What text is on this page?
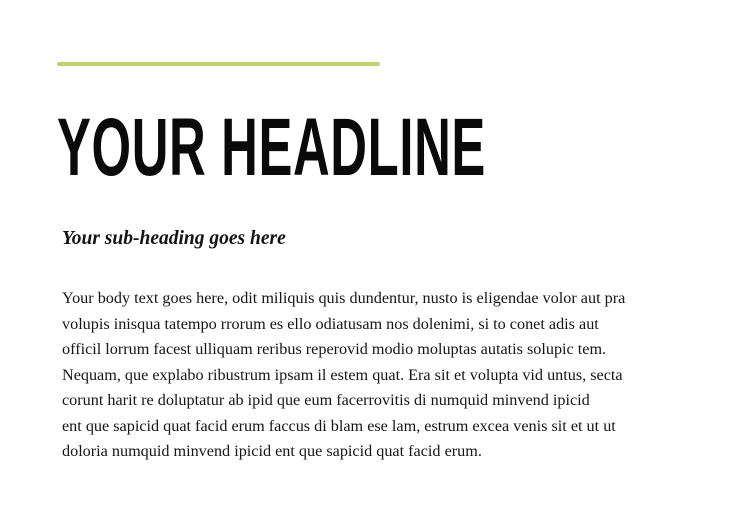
YOUR HEADLINE
Your sub-heading goes here

Your body text goes here, odit miliquis quis dundentur, nusto is eligendae volor aut pra
volupis inisqua tatempo rrorum es ello odiatusam nos dolenimi, si to conet adis aut
officil lorrum facest ulliquam reribus reperovid modio moluptas autatis solupic tem.
Nequam, que explabo ribustrum ipsam il estem quat. Era sit et volupta vid untus, secta
corunt harit re doluptatur ab ipid que eum facerrovitis di numquid minvend ipicid
ent que sapicid quat facid erum faccus di blam ese lam, estrum excea venis sit et ut ut
doloria numquid minvend ipicid ent que sapicid quat facid erum.
